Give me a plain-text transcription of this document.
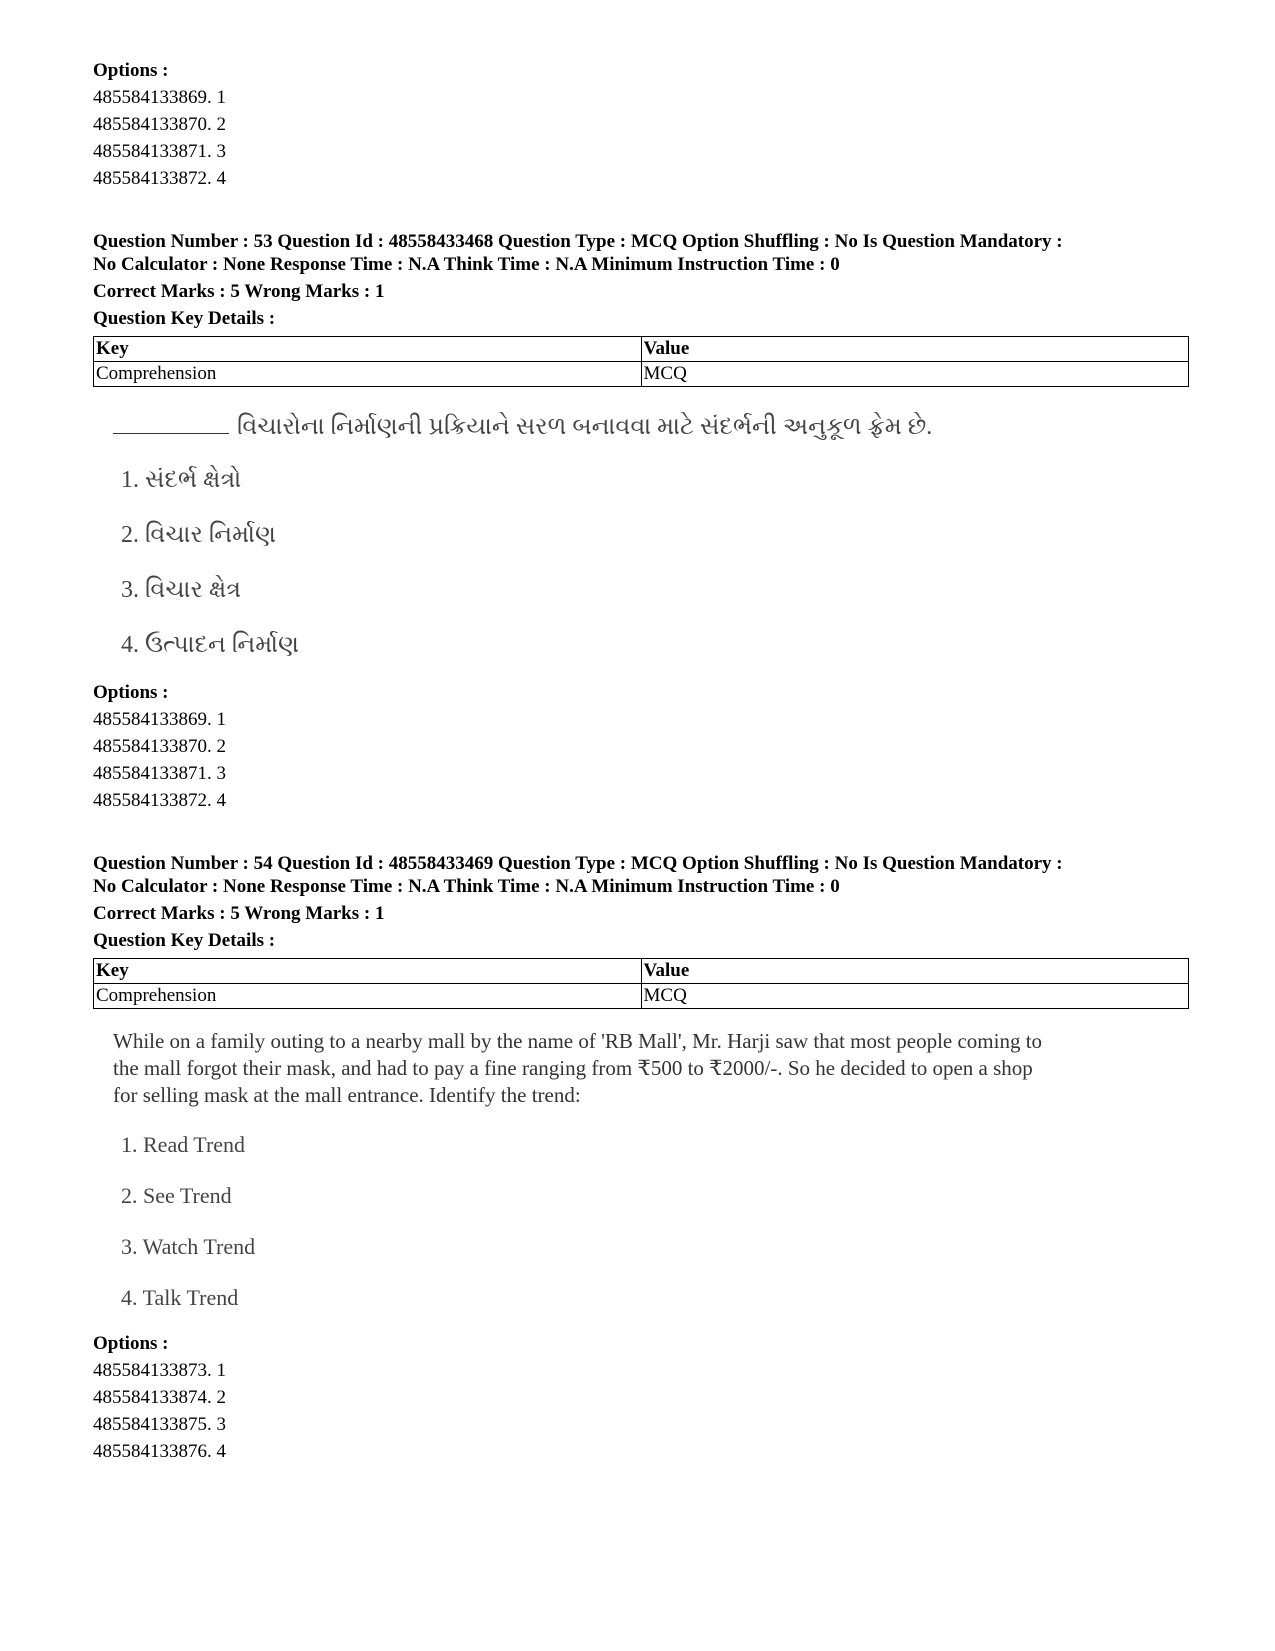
Options :
485584133869. 1
485584133870. 2
485584133871. 3
485584133872. 4
Question Number : 53 Question Id : 48558433468 Question Type : MCQ Option Shuffling : No Is Question Mandatory :
No Calculator : None Response Time : N.A Think Time : N.A Minimum Instruction Time : 0
Correct Marks : 5 Wrong Marks : 1
Question Key Details :
Key	Value
Comprehension	MCQ
વિચારોના નિર્માણની પ્રક્રિયાને સરળ બનાવવા માટે સંદર્ભની અનુકૂળ ફ્રેમ છે.
1. સંદર્ભ ક્ષેત્રો
2. વિચાર નિર્માણ
3. વિચાર ક્ષેત્ર
4. ઉત્પાદન નિર્માણ
Options :
485584133869. 1
485584133870. 2
485584133871. 3
485584133872. 4
Question Number : 54 Question Id : 48558433469 Question Type : MCQ Option Shuffling : No Is Question Mandatory :
No Calculator : None Response Time : N.A Think Time : N.A Minimum Instruction Time : 0
Correct Marks : 5 Wrong Marks : 1
Question Key Details :
Key	Value
Comprehension	MCQ
While on a family outing to a nearby mall by the name of 'RB Mall', Mr. Harji saw that most people coming to
the mall forgot their mask, and had to pay a fine ranging from ₹500 to ₹2000/-. So he decided to open a shop
for selling mask at the mall entrance. Identify the trend:
1. Read Trend
2. See Trend
3. Watch Trend
4. Talk Trend
Options :
485584133873. 1
485584133874. 2
485584133875. 3
485584133876. 4
